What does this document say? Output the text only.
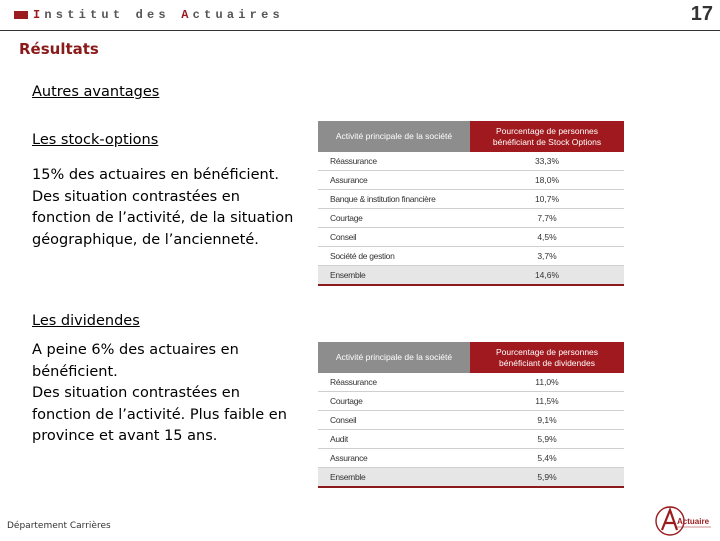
Institut des Actuaires	17
Résultats
Autres avantages
Les stock-options
15% des actuaires en bénéficient.
Des situation contrastées en
fonction de l’activité, de la situation
géographique, de l’ancienneté.
Activité principale de la société	Pourcentage de personnes
bénéficiant de Stock Options

Réassurance	33,3%
Assurance	18,0%
Banque & institution financière	10,7%
Courtage	7,7%
Conseil	4,5%
Société de gestion	3,7%
Ensemble	14,6%
Les dividendes
A peine 6% des actuaires en
bénéficient.
Des situation contrastées en
fonction de l’activité. Plus faible en
province et avant 15 ans.
Activité principale de la société	Pourcentage de personnes
bénéficiant de dividendes

Réassurance	11,0%
Courtage	11,5%
Conseil	9,1%
Audit	5,9%
Assurance	5,4%
Ensemble	5,9%
Département Carrières	Actuaire
